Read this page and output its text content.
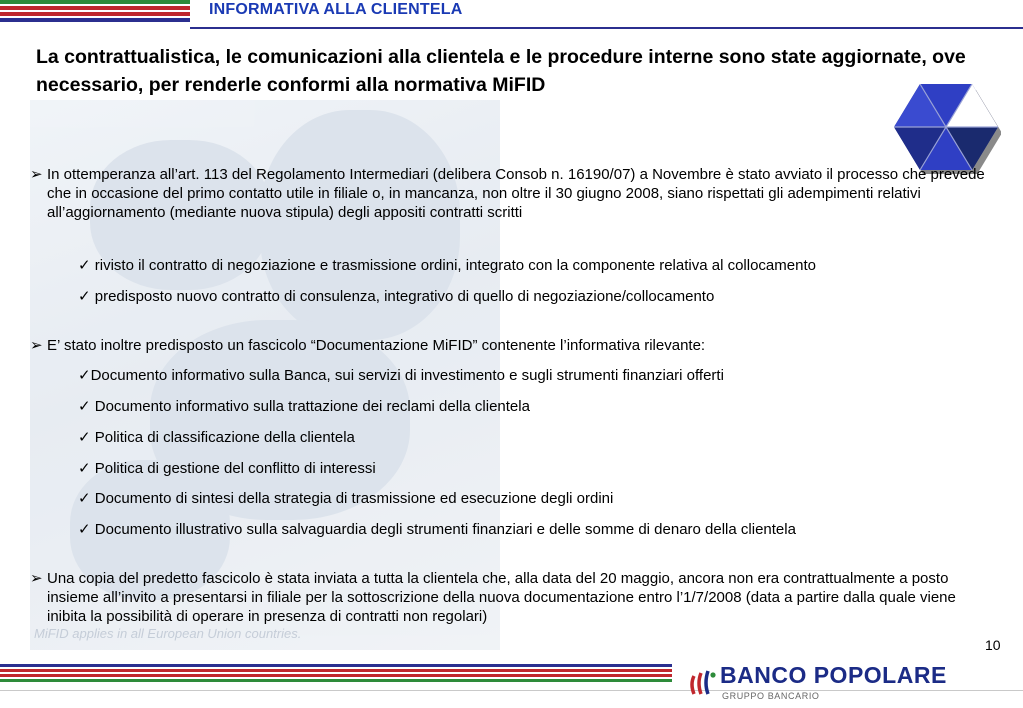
MiFID applies in all European Union countries.
INFORMATIVA ALLA CLIENTELA
La contrattualistica, le comunicazioni alla clientela e le procedure interne sono state aggiornate, ove necessario, per renderle conformi alla normativa MiFID
➢ In ottemperanza all’art. 113 del Regolamento Intermediari (delibera Consob n. 16190/07) a Novembre è stato avviato il processo che prevede che in occasione del primo contatto utile in filiale o, in mancanza, non oltre il 30 giugno 2008, siano rispettati gli adempimenti relativi all’aggiornamento (mediante nuova stipula) degli appositi contratti scritti
✓ rivisto il contratto di negoziazione e trasmissione ordini, integrato con la componente relativa al collocamento
✓ predisposto nuovo contratto di consulenza, integrativo di quello di negoziazione/collocamento
➢ E’ stato inoltre predisposto un fascicolo “Documentazione MiFID” contenente l’informativa rilevante:
✓Documento informativo sulla Banca, sui servizi di investimento e sugli strumenti finanziari offerti
✓ Documento informativo sulla trattazione dei reclami della clientela
✓ Politica di classificazione della clientela
✓ Politica di gestione del conflitto di interessi
✓ Documento di sintesi della strategia di trasmissione ed esecuzione degli ordini
✓ Documento illustrativo sulla salvaguardia degli strumenti finanziari e delle somme di denaro della clientela
➢ Una copia del predetto fascicolo è stata inviata a tutta la clientela che, alla data del 20 maggio, ancora non era contrattualmente a posto insieme all’invito a presentarsi in filiale per la sottoscrizione della nuova documentazione entro l’1/7/2008 (data a partire dalla quale viene inibita la possibilità di operare in presenza di contratti non regolari)
10
BANCO POPOLARE
GRUPPO BANCARIO
